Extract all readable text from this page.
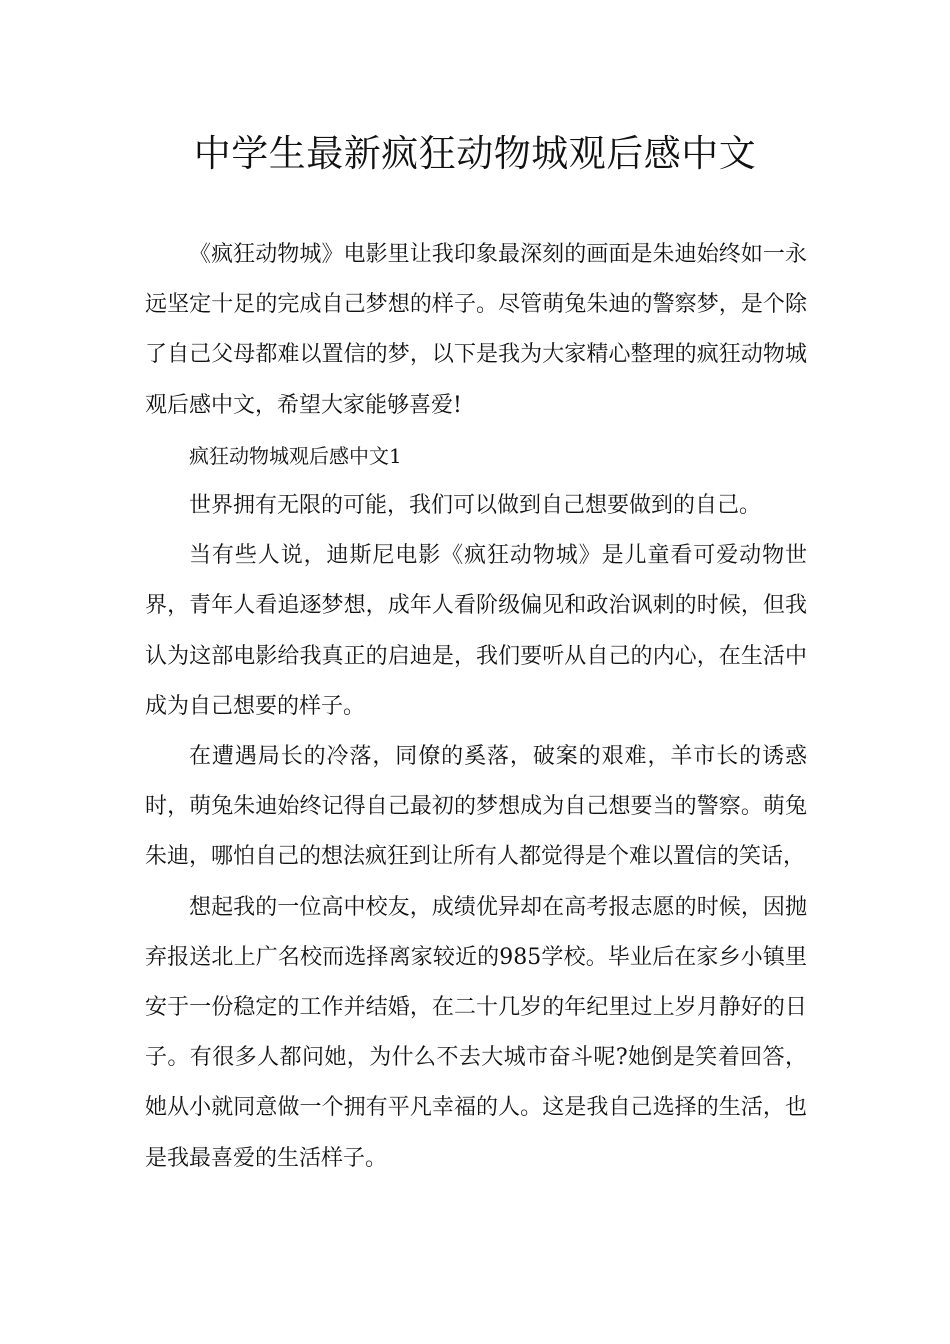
中学生最新疯狂动物城观后感中文

《疯狂动物城》电影里让我印象最深刻的画面是朱迪始终如一永远坚定十足的完成自己梦想的样子。尽管萌兔朱迪的警察梦，是个除了自己父母都难以置信的梦，以下是我为大家精心整理的疯狂动物城观后感中文，希望大家能够喜爱!

疯狂动物城观后感中文1

世界拥有无限的可能，我们可以做到自己想要做到的自己。

当有些人说，迪斯尼电影《疯狂动物城》是儿童看可爱动物世界，青年人看追逐梦想，成年人看阶级偏见和政治讽刺的时候，但我认为这部电影给我真正的启迪是，我们要听从自己的内心，在生活中成为自己想要的样子。

在遭遇局长的冷落，同僚的奚落，破案的艰难，羊市长的诱惑时，萌兔朱迪始终记得自己最初的梦想成为自己想要当的警察。萌兔朱迪，哪怕自己的想法疯狂到让所有人都觉得是个难以置信的笑话，

想起我的一位高中校友，成绩优异却在高考报志愿的时候，因抛弃报送北上广名校而选择离家较近的985学校。毕业后在家乡小镇里安于一份稳定的工作并结婚，在二十几岁的年纪里过上岁月静好的日子。有很多人都问她，为什么不去大城市奋斗呢?她倒是笑着回答，她从小就同意做一个拥有平凡幸福的人。这是我自己选择的生活，也是我最喜爱的生活样子。
